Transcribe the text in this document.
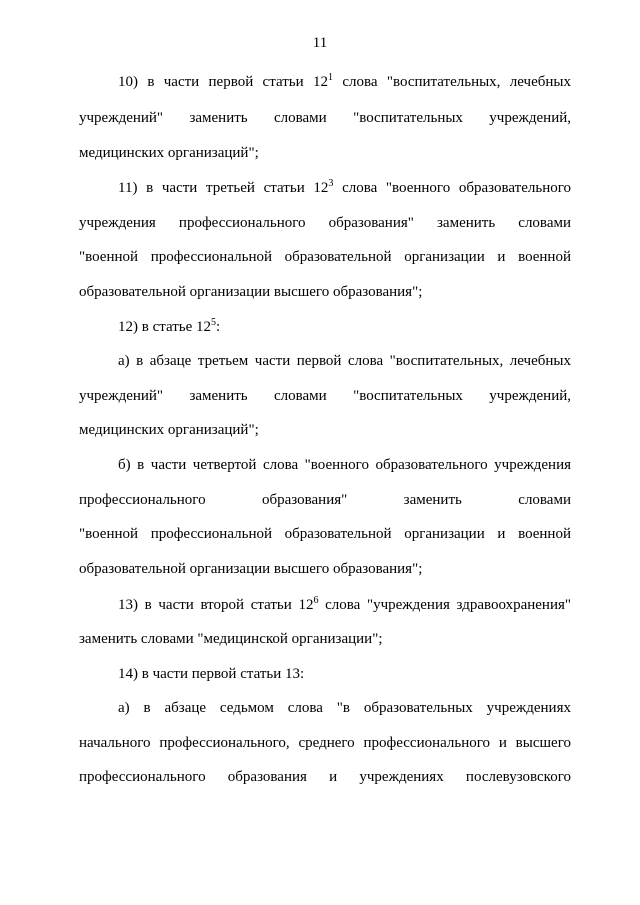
11
10) в части первой статьи $12^1$ слова "воспитательных, лечебных
учреждений" заменить словами "воспитательных учреждений,
медицинских организаций";
11) в части третьей статьи $12^3$ слова "военного образовательного
учреждения профессионального образования" заменить словами
"военной профессиональной образовательной организации и военной
образовательной организации высшего образования";
12) в статье $12^5$:
а) в абзаце третьем части первой слова "воспитательных, лечебных
учреждений" заменить словами "воспитательных учреждений,
медицинских организаций";
б) в части четвертой слова "военного образовательного учреждения
профессионального образования" заменить словами
"военной профессиональной образовательной организации и военной
образовательной организации высшего образования";
13) в части второй статьи $12^6$ слова "учреждения здравоохранения"
заменить словами "медицинской организации";
14) в части первой статьи 13:
а) в абзаце седьмом слова "в образовательных учреждениях
начального профессионального, среднего профессионального и высшего
профессионального образования и учреждениях послевузовского
